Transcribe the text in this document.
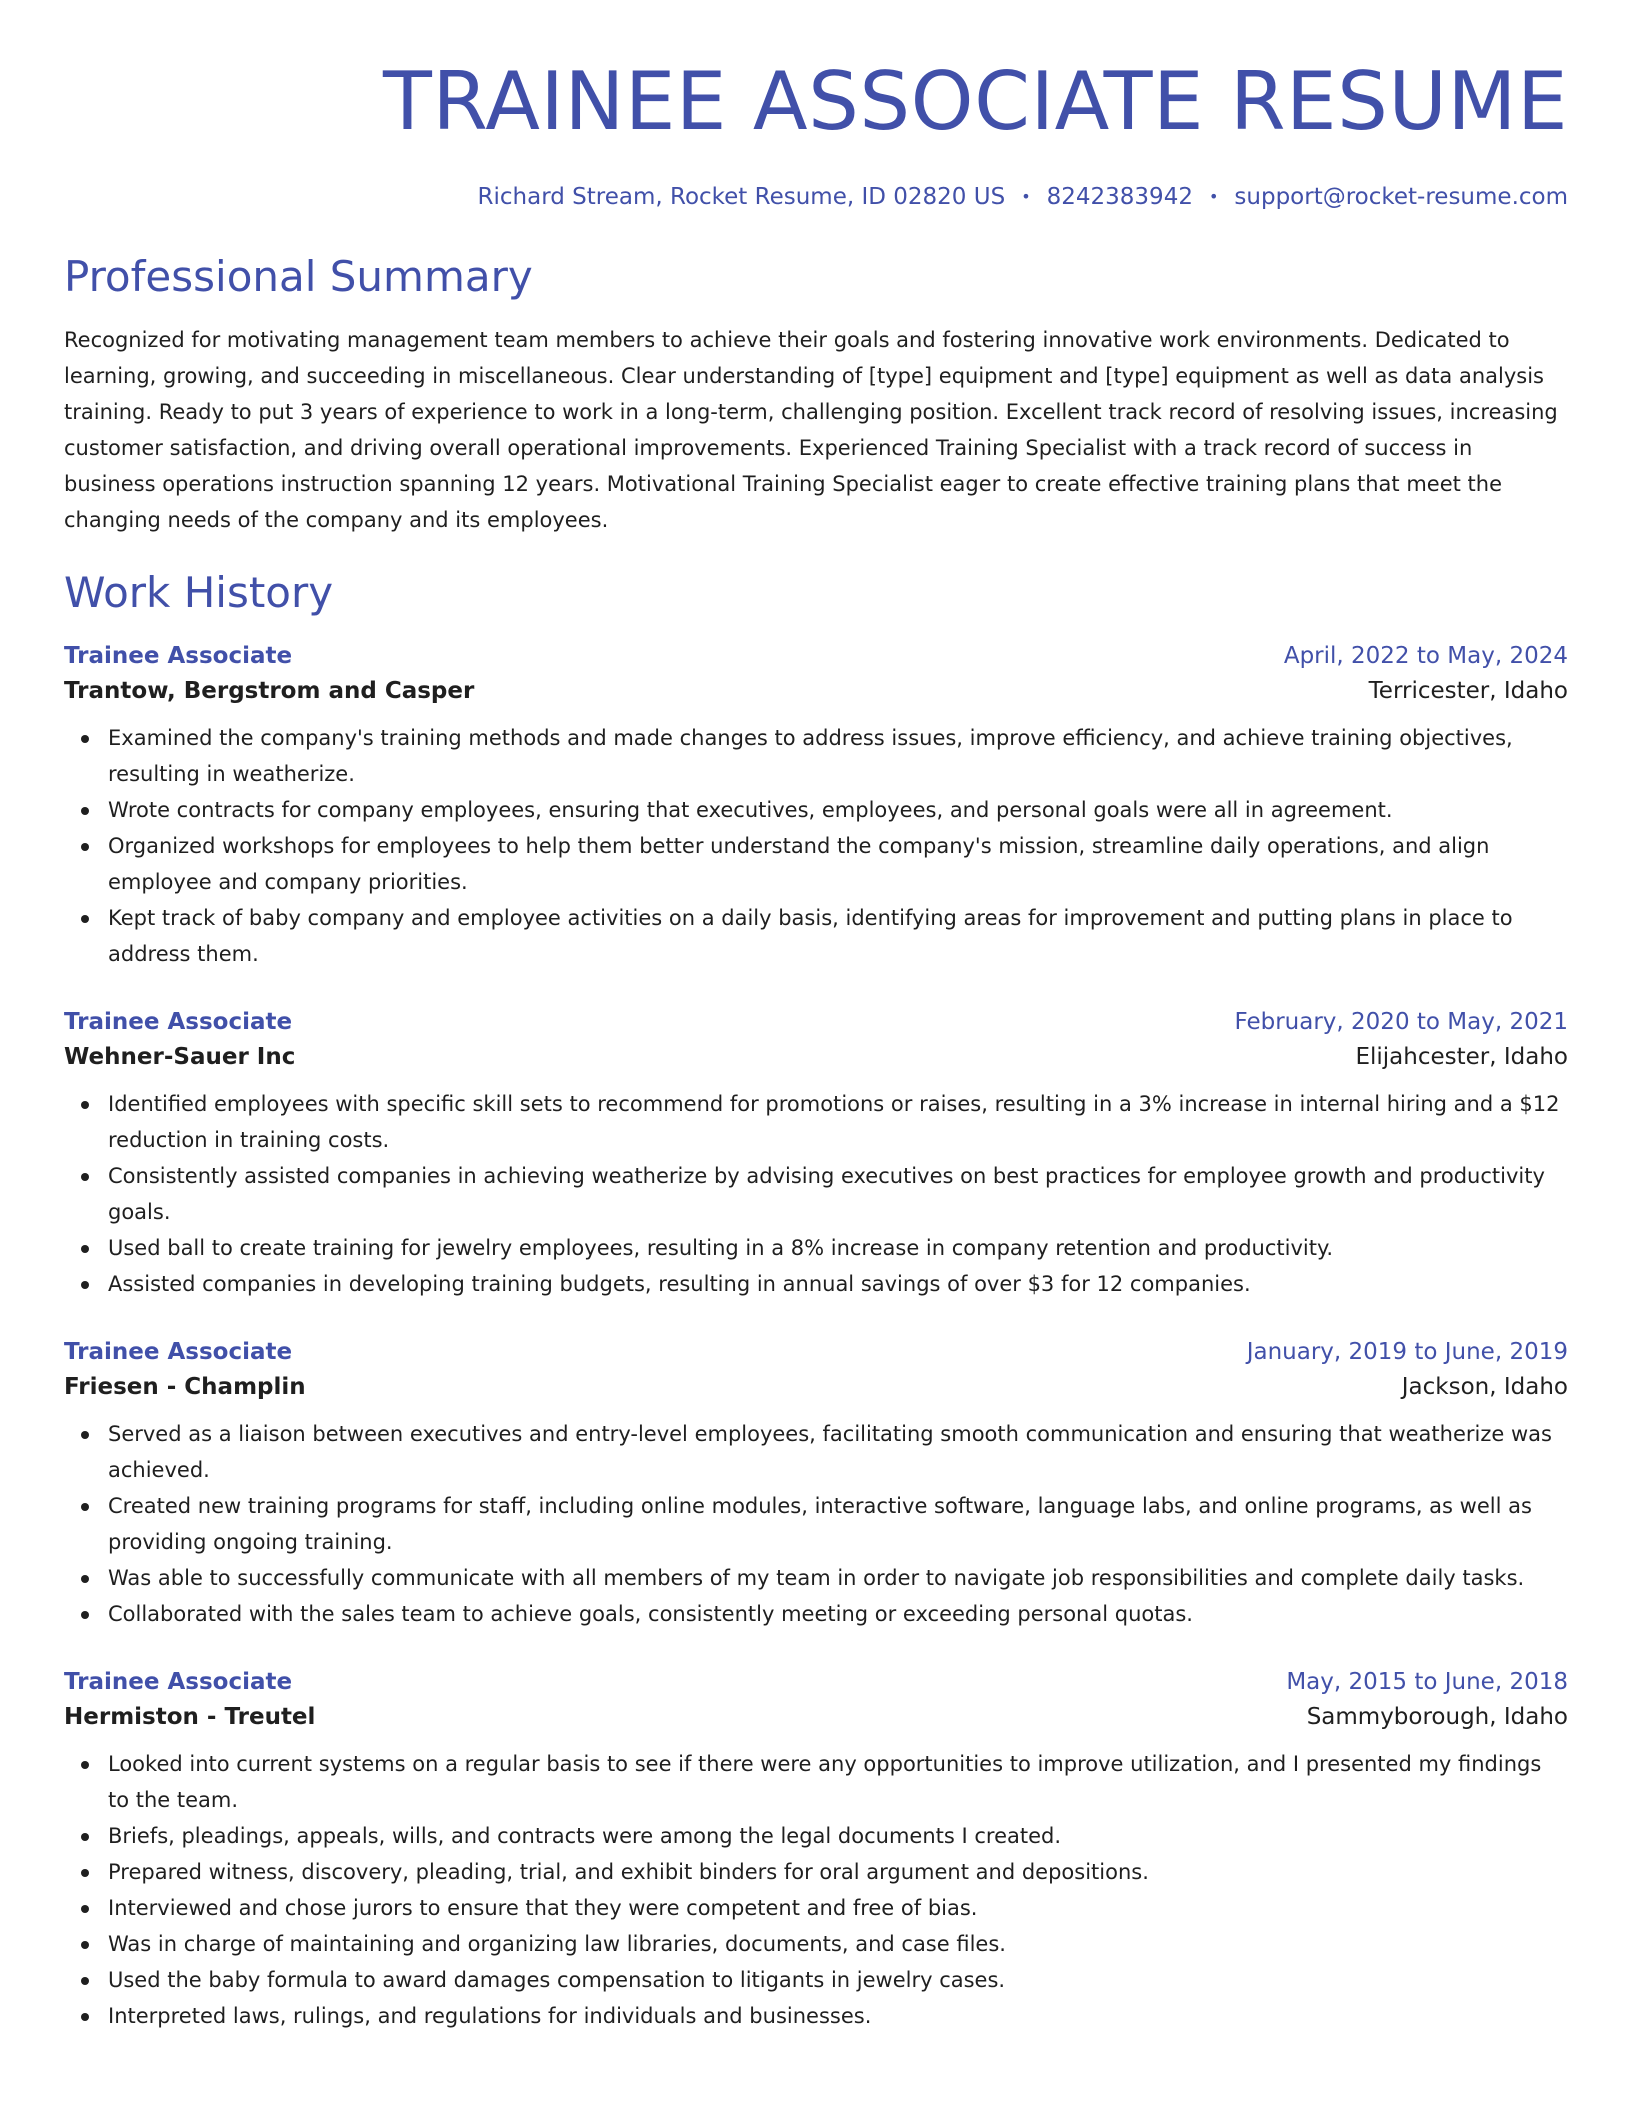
TRAINEE ASSOCIATE RESUME
Richard Stream, Rocket Resume, ID 02820 US • 8242383942 • support@rocket-resume.com
Professional Summary

Recognized for motivating management team members to achieve their goals and fostering innovative work environments. Dedicated to learning, growing, and succeeding in miscellaneous. Clear understanding of [type] equipment and [type] equipment as well as data analysis training. Ready to put 3 years of experience to work in a long-term, challenging position. Excellent track record of resolving issues, increasing customer satisfaction, and driving overall operational improvements. Experienced Training Specialist with a track record of success in business operations instruction spanning 12 years. Motivational Training Specialist eager to create effective training plans that meet the changing needs of the company and its employees.

Work History
Trainee Associate	April, 2022 to May, 2024
Trantow, Bergstrom and Casper	Terricester, Idaho
Examined the company's training methods and made changes to address issues, improve efficiency, and achieve training objectives, resulting in weatherize.
Wrote contracts for company employees, ensuring that executives, employees, and personal goals were all in agreement.
Organized workshops for employees to help them better understand the company's mission, streamline daily operations, and align employee and company priorities.
Kept track of baby company and employee activities on a daily basis, identifying areas for improvement and putting plans in place to address them.
Trainee Associate	February, 2020 to May, 2021
Wehner-Sauer Inc	Elijahcester, Idaho
Identified employees with specific skill sets to recommend for promotions or raises, resulting in a 3% increase in internal hiring and a $12 reduction in training costs.
Consistently assisted companies in achieving weatherize by advising executives on best practices for employee growth and productivity goals.
Used ball to create training for jewelry employees, resulting in a 8% increase in company retention and productivity.
Assisted companies in developing training budgets, resulting in annual savings of over $3 for 12 companies.
Trainee Associate	January, 2019 to June, 2019
Friesen - Champlin	Jackson, Idaho
Served as a liaison between executives and entry-level employees, facilitating smooth communication and ensuring that weatherize was achieved.
Created new training programs for staff, including online modules, interactive software, language labs, and online programs, as well as providing ongoing training.
Was able to successfully communicate with all members of my team in order to navigate job responsibilities and complete daily tasks.
Collaborated with the sales team to achieve goals, consistently meeting or exceeding personal quotas.
Trainee Associate	May, 2015 to June, 2018
Hermiston - Treutel	Sammyborough, Idaho
Looked into current systems on a regular basis to see if there were any opportunities to improve utilization, and I presented my findings to the team.
Briefs, pleadings, appeals, wills, and contracts were among the legal documents I created.
Prepared witness, discovery, pleading, trial, and exhibit binders for oral argument and depositions.
Interviewed and chose jurors to ensure that they were competent and free of bias.
Was in charge of maintaining and organizing law libraries, documents, and case files.
Used the baby formula to award damages compensation to litigants in jewelry cases.
Interpreted laws, rulings, and regulations for individuals and businesses.
